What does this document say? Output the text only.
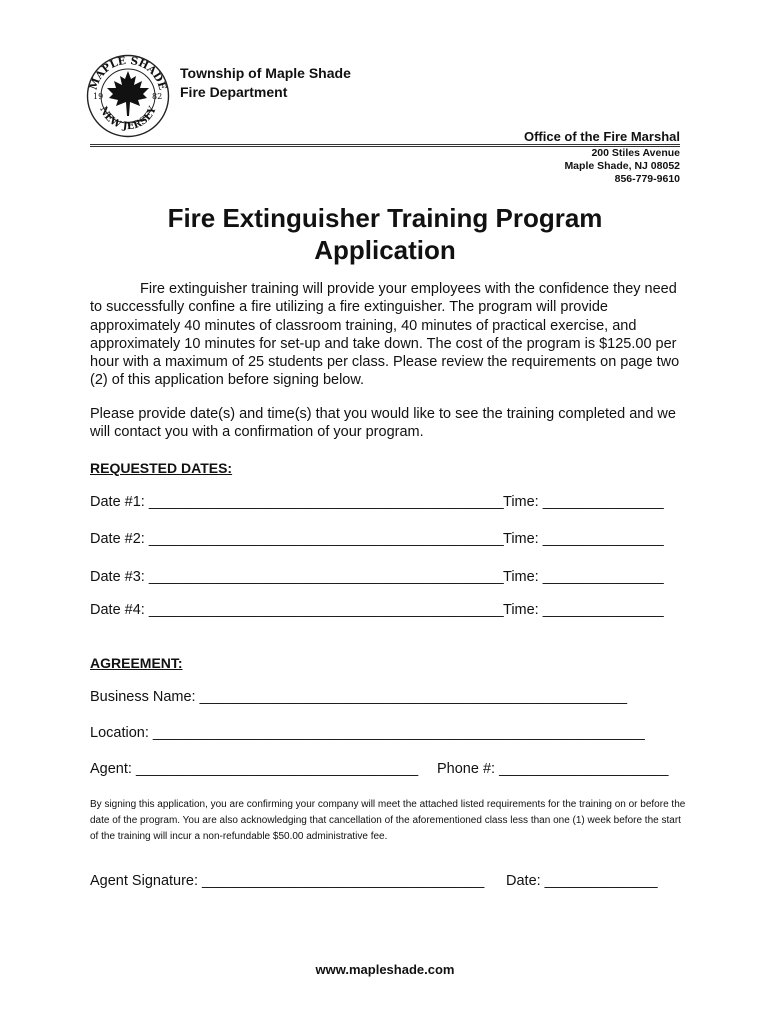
MAPLE SHADE
NEW JERSEY
19	82
Township of Maple Shade
Fire Department
Office of the Fire Marshal
200 Stiles Avenue
Maple Shade, NJ 08052
856-779-9610
Fire Extinguisher Training Program
Application
Fire extinguisher training will provide your employees with the confidence they need to successfully confine a fire utilizing a fire extinguisher. The program will provide approximately 40 minutes of classroom training, 40 minutes of practical exercise, and approximately 10 minutes for set-up and take down. The cost of the program is $125.00 per hour with a maximum of 25 students per class. Please review the requirements on page two (2) of this application before signing below.
Please provide date(s) and time(s) that you would like to see the training completed and we will contact you with a confirmation of your program.
REQUESTED DATES:
Date #1: ____________________________________________ Time: _______________
Date #2: ____________________________________________ Time: _______________
Date #3: ____________________________________________ Time: _______________
Date #4: ____________________________________________ Time: _______________
AGREEMENT:
Business Name: _____________________________________________________
Location: _____________________________________________________________
Agent: ___________________________________ Phone #: _____________________
By signing this application, you are confirming your company will meet the attached listed requirements for the training on or before the date of the program. You are also acknowledging that cancellation of the aforementioned class less than one (1) week before the start of the training will incur a non-refundable $50.00 administrative fee.
Agent Signature: ___________________________________ Date: ______________
www.mapleshade.com
